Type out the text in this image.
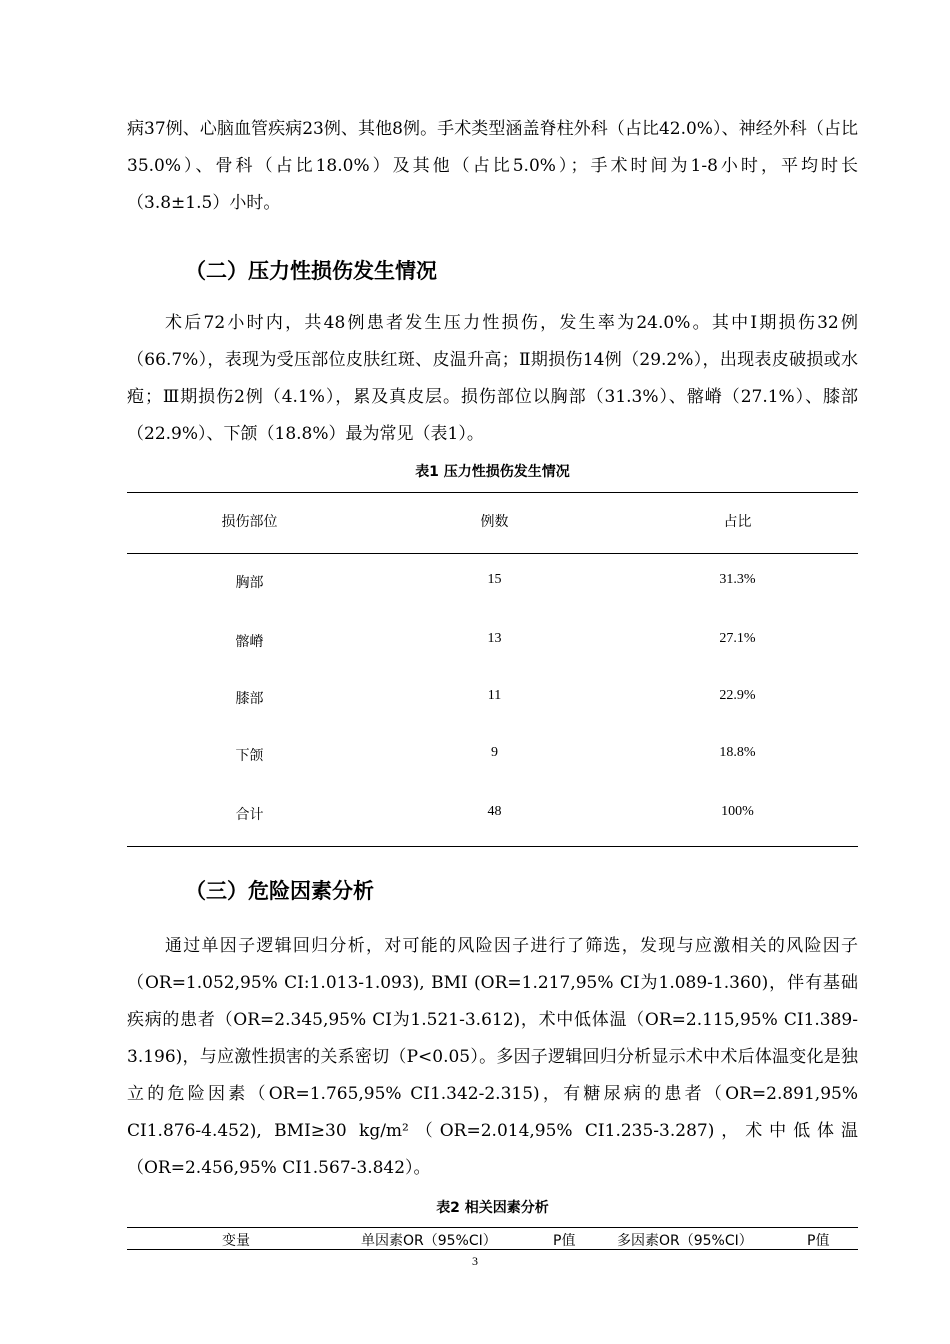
病37例、心脑血管疾病23例、其他8例。手术类型涵盖脊柱外科（占比42.0%）、神经外科（占比35.0%）、骨科（占比18.0%）及其他（占比5.0%）；手术时间为1-8小时，平均时长（3.8±1.5）小时。

（二）压力性损伤发生情况

术后72小时内，共48例患者发生压力性损伤，发生率为24.0%。其中Ⅰ期损伤32例（66.7%），表现为受压部位皮肤红斑、皮温升高；Ⅱ期损伤14例（29.2%），出现表皮破损或水疱；Ⅲ期损伤2例（4.1%），累及真皮层。损伤部位以胸部（31.3%）、髂嵴（27.1%）、膝部（22.9%）、下颌（18.8%）最为常见（表1）。

表1 压力性损伤发生情况
损伤部位	例数	占比
胸部	15	31.3%
髂嵴	13	27.1%
膝部	11	22.9%
下颌	9	18.8%
合计	48	100%
（三）危险因素分析

通过单因子逻辑回归分析，对可能的风险因子进行了筛选，发现与应激相关的风险因子（OR=1.052,95% CI:1.013-1.093), BMI (OR=1.217,95% CI为1.089-1.360)，伴有基础疾病的患者（OR=2.345,95% CI为1.521-3.612)，术中低体温（OR=2.115,95% CI1.389-3.196)，与应激性损害的关系密切（P<0.05）。多因子逻辑回归分析显示术中术后体温变化是独立的危险因素（OR=1.765,95% CI1.342-2.315)，有糖尿病的患者（OR=2.891,95% CI1.876-4.452), BMI≥30 kg/m²（OR=2.014,95% CI1.235-3.287)，术中低体温（OR=2.456,95% CI1.567-3.842）。

表2 相关因素分析
变量	单因素OR（95%CI）	P值	多因素OR（95%CI）	P值
3
